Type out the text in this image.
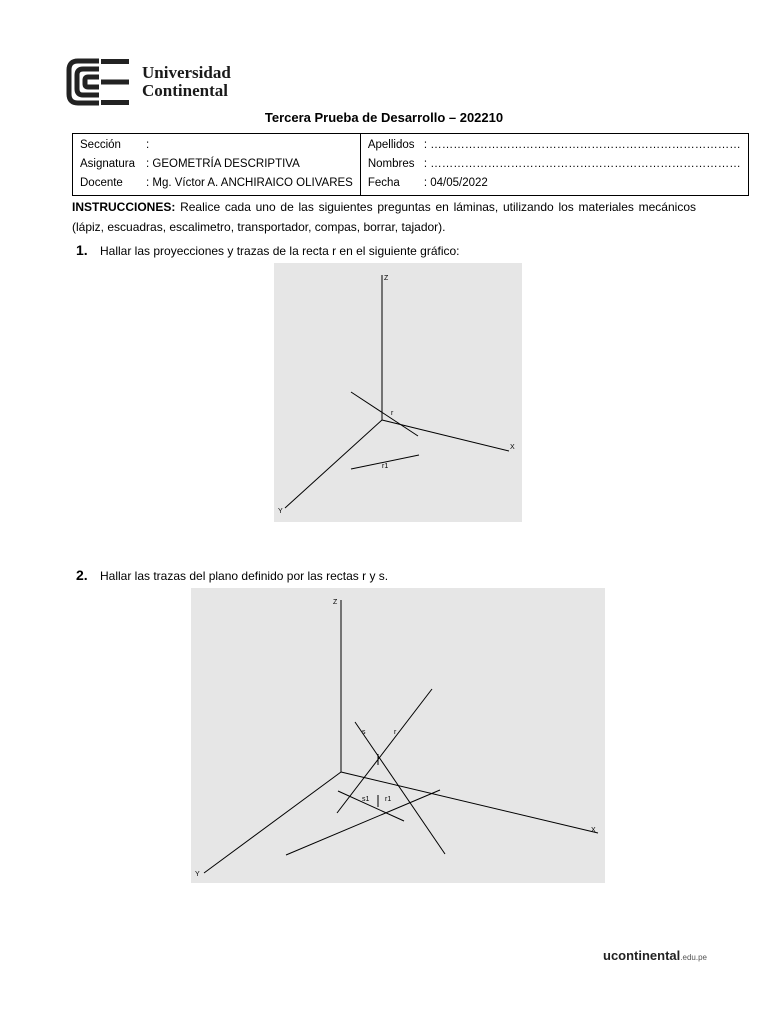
Universidad
Continental
Tercera Prueba de Desarrollo – 202210
Sección :
Asignatura : GEOMETRÍA DESCRIPTIVA
Docente : Mg. Víctor A. ANCHIRAICO OLIVARES

Apellidos : ………………………………………………………………………
Nombres : ………………………………………………………………………
Fecha : 04/05/2022
INSTRUCCIONES: Realice cada uno de las siguientes preguntas en láminas, utilizando los materiales mecánicos (lápiz, escuadras, escalimetro, transportador, compas, borrar, tajador).
1. Hallar las proyecciones y trazas de la recta r en el siguiente gráfico:
Z
X
Y
r
r1
2. Hallar las trazas del plano definido por las rectas r y s.
Z
X
Y
s	r
s1 r1
ucontinental.edu.pe
